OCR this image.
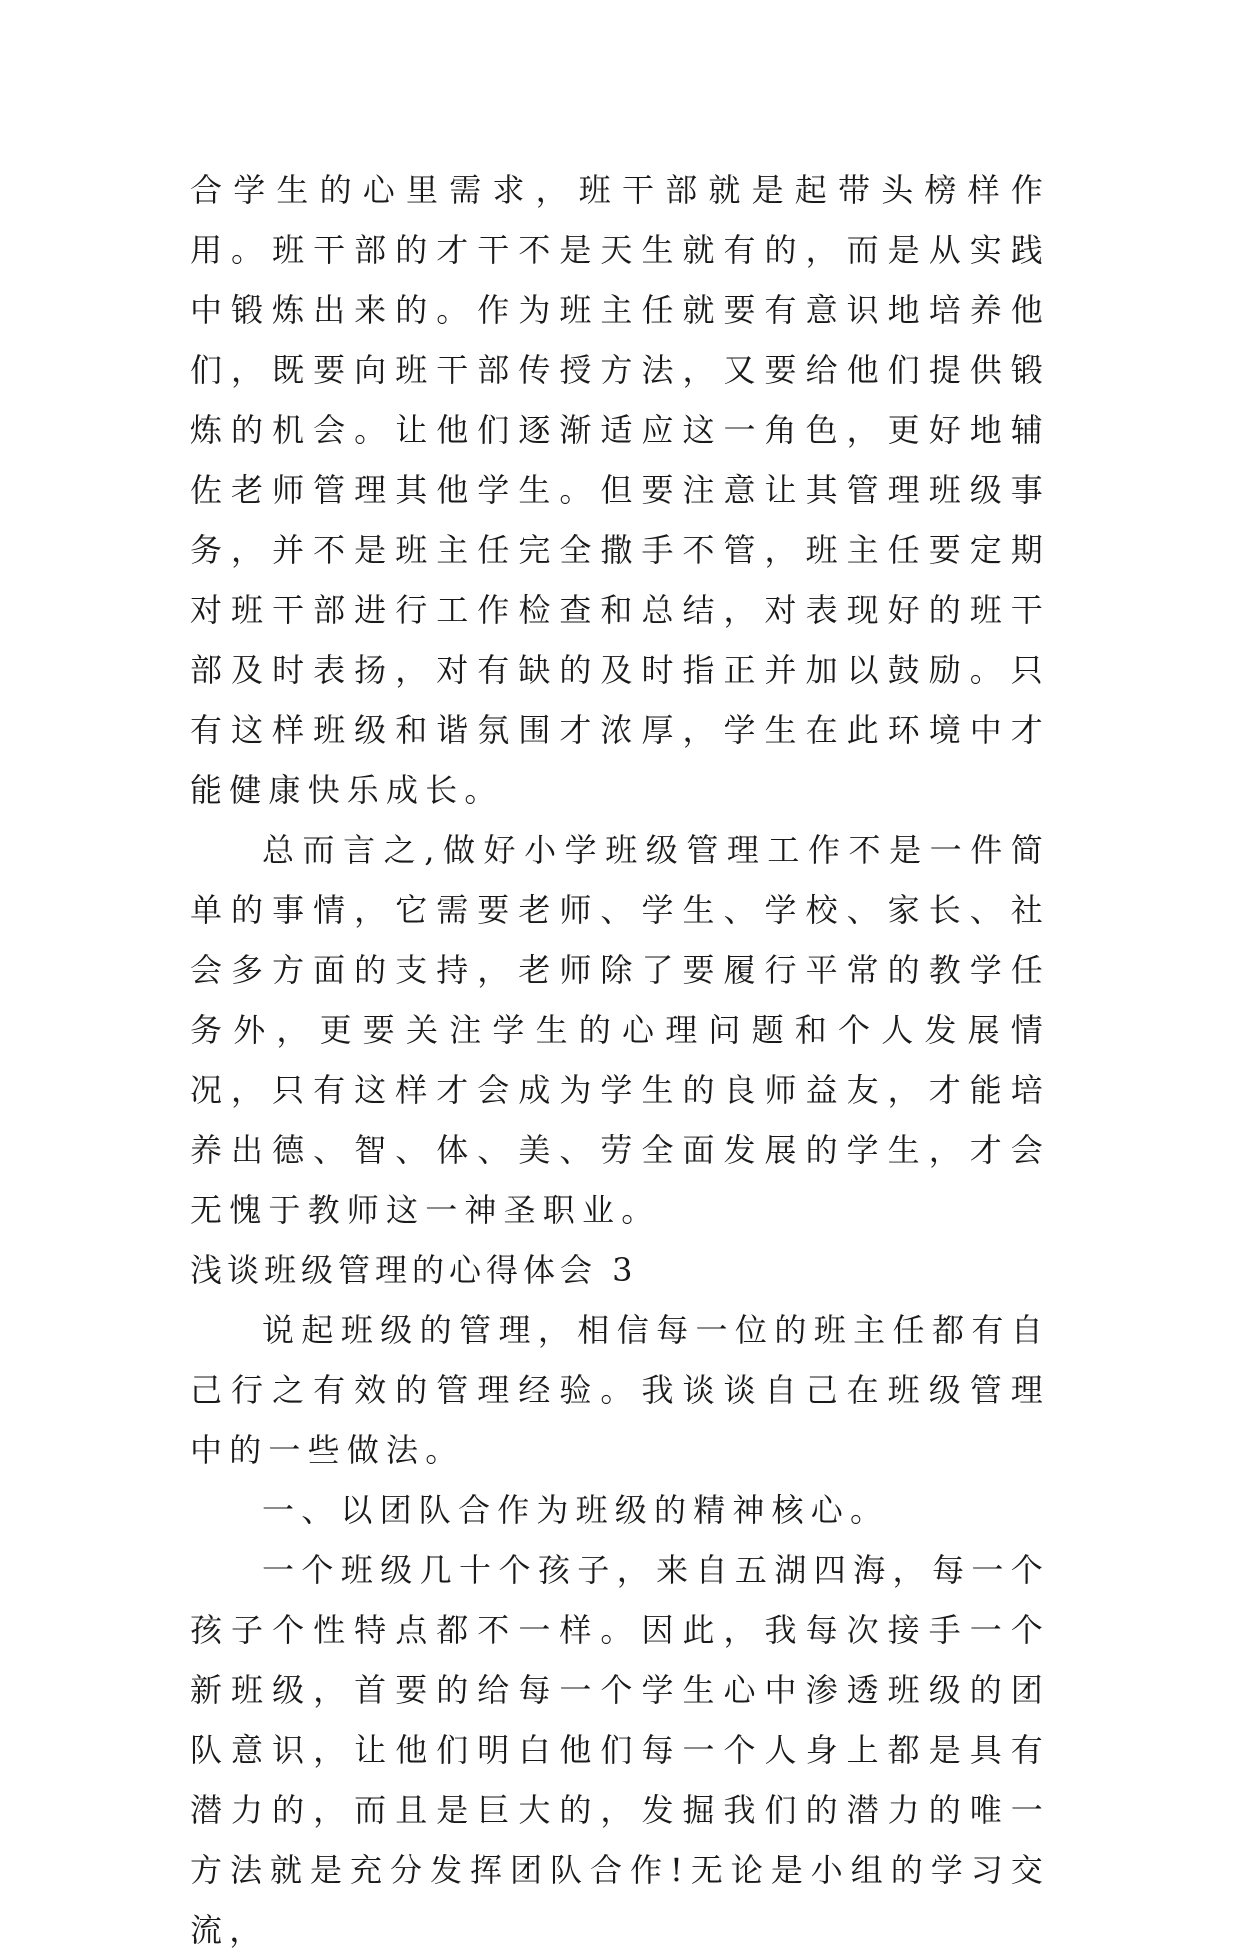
合学生的心里需求，班干部就是起带头榜样作用。班干部的才干不是天生就有的，而是从实践中锻炼出来的。作为班主任就要有意识地培养他们，既要向班干部传授方法，又要给他们提供锻炼的机会。让他们逐渐适应这一角色，更好地辅佐老师管理其他学生。但要注意让其管理班级事务，并不是班主任完全撒手不管，班主任要定期对班干部进行工作检查和总结，对表现好的班干部及时表扬，对有缺的及时指正并加以鼓励。只有这样班级和谐氛围才浓厚，学生在此环境中才能健康快乐成长。

总而言之,做好小学班级管理工作不是一件简单的事情，它需要老师、学生、学校、家长、社会多方面的支持，老师除了要履行平常的教学任务外，更要关注学生的心理问题和个人发展情况，只有这样才会成为学生的良师益友，才能培养出德、智、体、美、劳全面发展的学生，才会无愧于教师这一神圣职业。

浅谈班级管理的心得体会 3

说起班级的管理，相信每一位的班主任都有自己行之有效的管理经验。我谈谈自己在班级管理中的一些做法。

一、以团队合作为班级的精神核心。

一个班级几十个孩子，来自五湖四海，每一个孩子个性特点都不一样。因此，我每次接手一个新班级，首要的给每一个学生心中渗透班级的团队意识，让他们明白他们每一个人身上都是具有潜力的，而且是巨大的，发掘我们的潜力的唯一方法就是充分发挥团队合作!无论是小组的学习交流，
